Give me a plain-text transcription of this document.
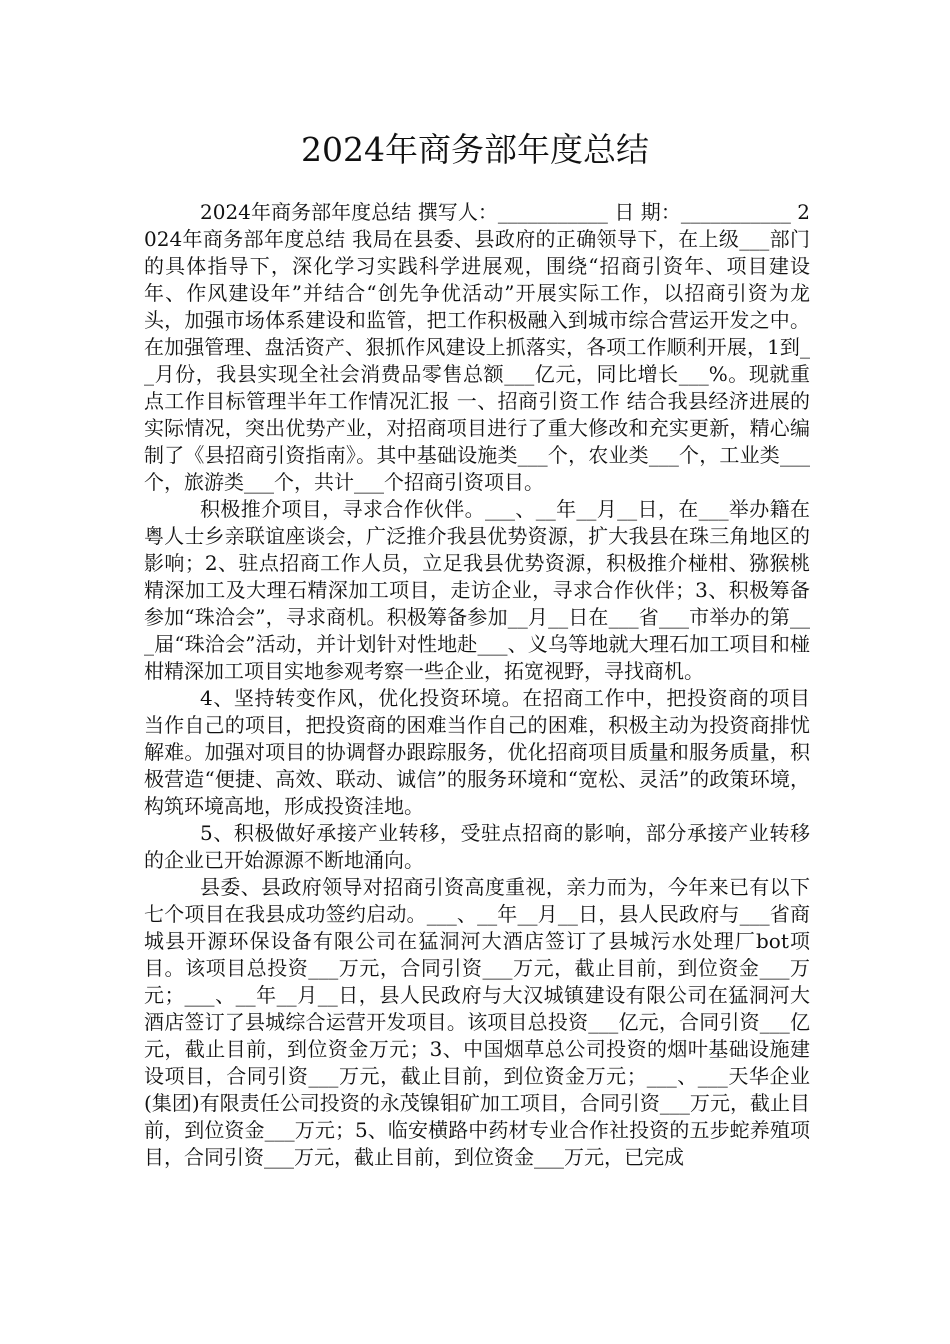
2024年商务部年度总结

2024年商务部年度总结 撰写人：___________ 日 期：___________ 2024年商务部年度总结 我局在县委、县政府的正确领导下，在上级___部门的具体指导下，深化学习实践科学进展观，围绕“招商引资年、项目建设年、作风建设年”并结合“创先争优活动”开展实际工作，以招商引资为龙头，加强市场体系建设和监管，把工作积极融入到城市综合营运开发之中。在加强管理、盘活资产、狠抓作风建设上抓落实，各项工作顺利开展，1到__月份，我县实现全社会消费品零售总额___亿元，同比增长___%。现就重点工作目标管理半年工作情况汇报 一、招商引资工作 结合我县经济进展的实际情况，突出优势产业，对招商项目进行了重大修改和充实更新，精心编制了《县招商引资指南》。其中基础设施类___个，农业类___个，工业类___个，旅游类___个，共计___个招商引资项目。

积极推介项目，寻求合作伙伴。___、__年__月__日，在___举办籍在粤人士乡亲联谊座谈会，广泛推介我县优势资源，扩大我县在珠三角地区的影响；2、驻点招商工作人员，立足我县优势资源，积极推介椪柑、猕猴桃精深加工及大理石精深加工项目，走访企业，寻求合作伙伴；3、积极筹备参加“珠洽会”，寻求商机。积极筹备参加__月__日在___省___市举办的第___届“珠洽会”活动，并计划针对性地赴___、义乌等地就大理石加工项目和椪柑精深加工项目实地参观考察一些企业，拓宽视野，寻找商机。

4、坚持转变作风，优化投资环境。在招商工作中，把投资商的项目当作自己的项目，把投资商的困难当作自己的困难，积极主动为投资商排忧解难。加强对项目的协调督办跟踪服务，优化招商项目质量和服务质量，积极营造“便捷、高效、联动、诚信”的服务环境和“宽松、灵活”的政策环境，构筑环境高地，形成投资洼地。

5、积极做好承接产业转移，受驻点招商的影响，部分承接产业转移的企业已开始源源不断地涌向。

县委、县政府领导对招商引资高度重视，亲力而为，今年来已有以下七个项目在我县成功签约启动。___、__年__月__日，县人民政府与___省商城县开源环保设备有限公司在猛洞河大酒店签订了县城污水处理厂bot项目。该项目总投资___万元，合同引资___万元，截止目前，到位资金___万元；___、__年__月__日，县人民政府与大汉城镇建设有限公司在猛洞河大酒店签订了县城综合运营开发项目。该项目总投资___亿元，合同引资___亿元，截止目前，到位资金万元；3、中国烟草总公司投资的烟叶基础设施建设项目，合同引资___万元，截止目前，到位资金万元；___、___天华企业(集团)有限责任公司投资的永茂镍钼矿加工项目，合同引资___万元，截止目前，到位资金___万元；5、临安横路中药材专业合作社投资的五步蛇养殖项目，合同引资___万元，截止目前，到位资金___万元，已完成
